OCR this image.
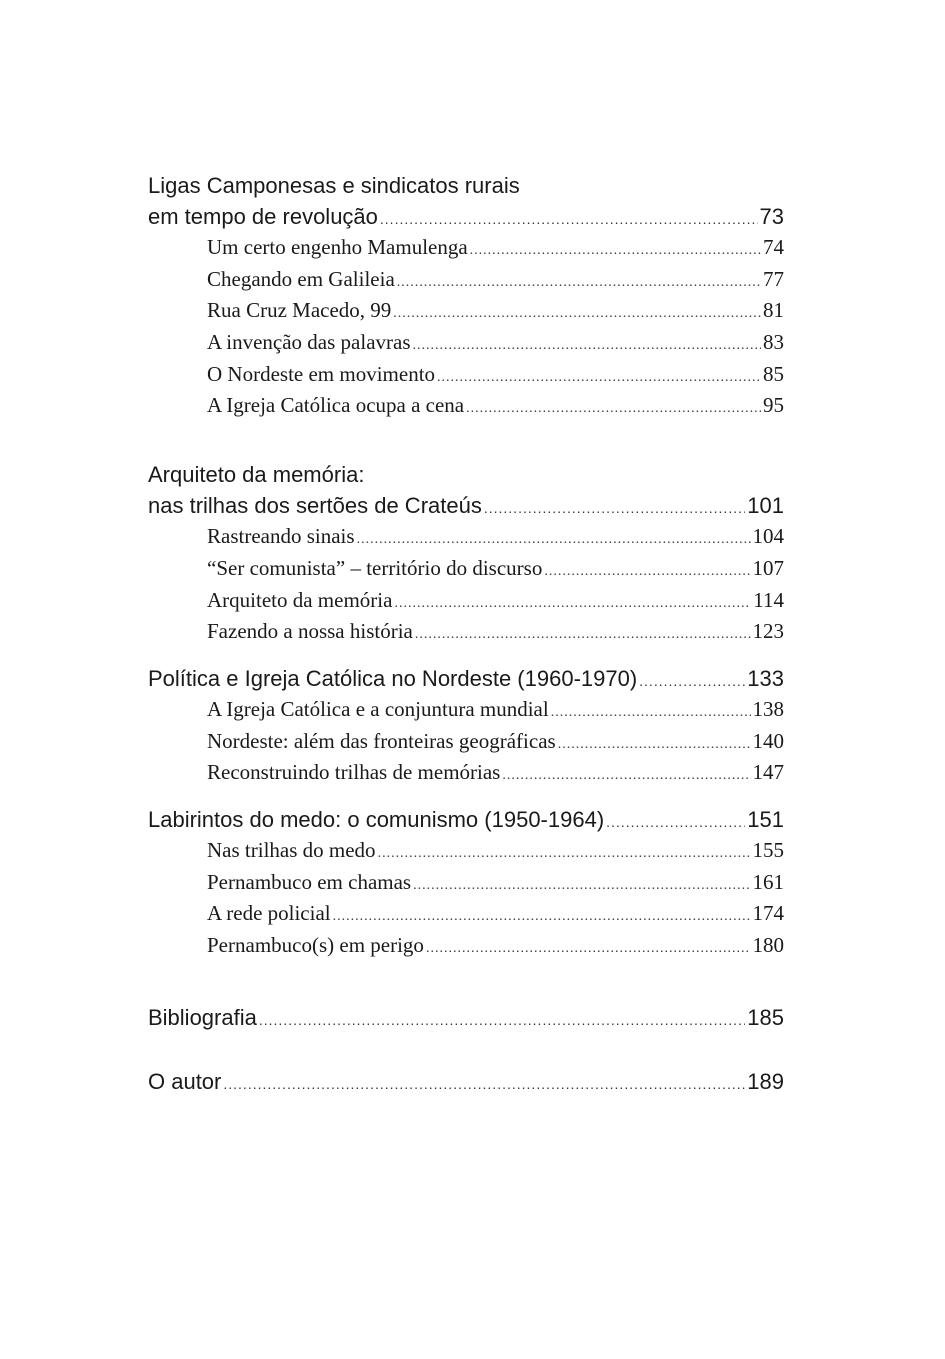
Ligas Camponesas e sindicatos rurais
em tempo de revolução .....	73
Um certo engenho Mamulenga .....	74
Chegando em Galileia .....	77
Rua Cruz Macedo, 99 .....	81
A invenção das palavras .....	83
O Nordeste em movimento .....	85
A Igreja Católica ocupa a cena .....	95
Arquiteto da memória:
nas trilhas dos sertões de Crateús .....	101
Rastreando sinais .....	104
“Ser comunista” – território do discurso .....	107
Arquiteto da memória .....	114
Fazendo a nossa história .....	123
Política e Igreja Católica no Nordeste (1960-1970) .....	133
A Igreja Católica e a conjuntura mundial .....	138
Nordeste: além das fronteiras geográficas .....	140
Reconstruindo trilhas de memórias .....	147
Labirintos do medo: o comunismo (1950-1964) .....	151
Nas trilhas do medo .....	155
Pernambuco em chamas .....	161
A rede policial .....	174
Pernambuco(s) em perigo .....	180
Bibliografia .....	185
O autor .....	189
